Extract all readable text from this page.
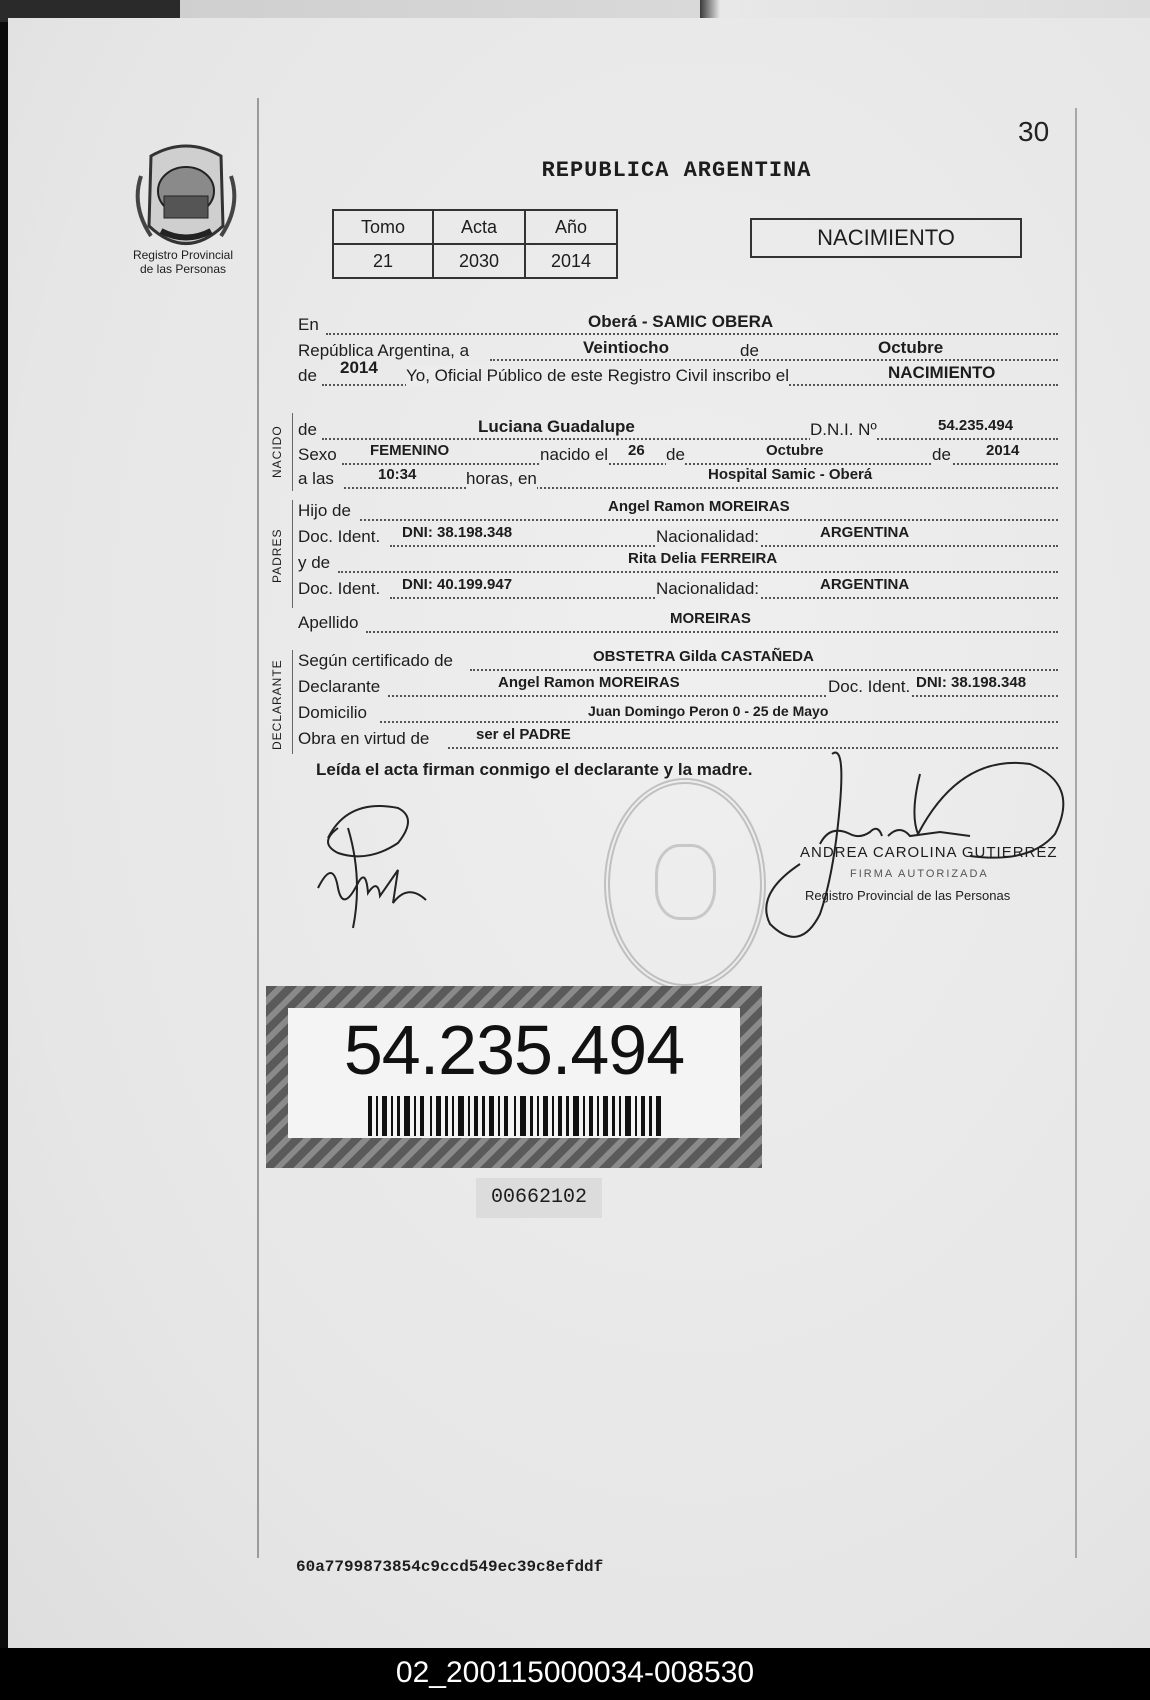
30
Registro Provincial
de las Personas
REPUBLICA ARGENTINA
Tomo	Acta	Año
21	2030	2014
NACIMIENTO
En	Oberá - SAMIC OBERA
República Argentina, a	Veintiocho	de	Octubre
de 2014 Yo, Oficial Público de este Registro Civil inscribo el	NACIMIENTO
NACIDO de	Luciana Guadalupe	D.N.I. Nº	54.235.494
Sexo FEMENINO	nacido el 26 de	Octubre	de 2014
a las	10:34	horas, en	Hospital Samic - Oberá
PADRES
Hijo de	Angel Ramon MOREIRAS
Doc. Ident. DNI: 38.198.348	Nacionalidad:	ARGENTINA
y de	Rita Delia FERREIRA
Doc. Ident. DNI: 40.199.947	Nacionalidad:	ARGENTINA
Apellido	MOREIRAS
DECLARANTE Según certificado de	OBSTETRA Gilda CASTAÑEDA
Declarante	Angel Ramon MOREIRAS	Doc. Ident. DNI: 38.198.348
Domicilio	Juan Domingo Peron 0 - 25 de Mayo
Obra en virtud de	ser el PADRE
Leída el acta firman conmigo el declarante y la madre.
ANDREA CAROLINA GUTIERREZ
FIRMA AUTORIZADA
Registro Provincial de las Personas
54.235.494
00662102
60a7799873854c9ccd549ec39c8efddf
02_200115000034-008530
